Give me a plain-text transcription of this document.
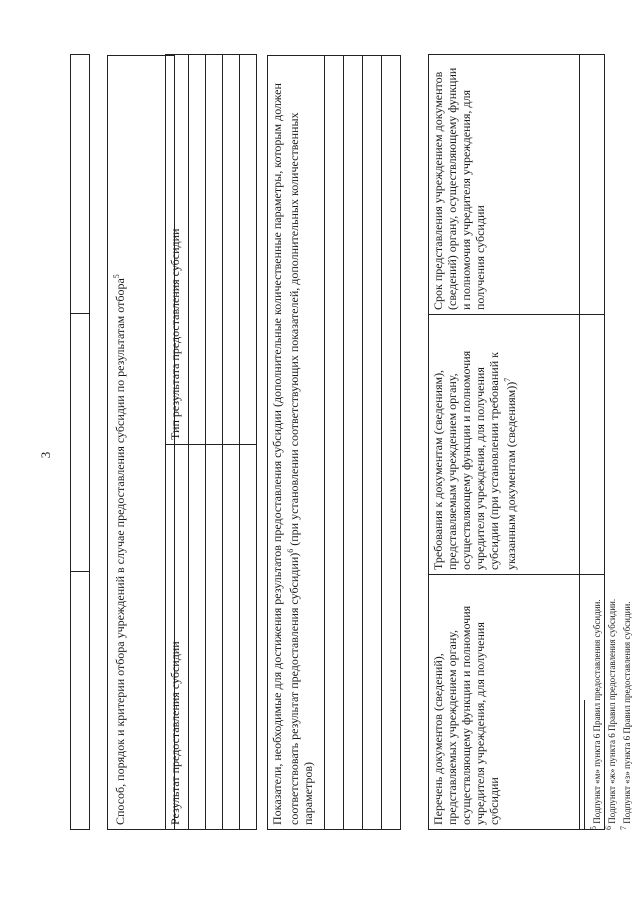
3
			Способ, порядок и критерии отбора учреждений в случае предоставления субсидии по результатам отбора$^5$
Результат предоставления субсидии	Тип результата предоставления субсидии

		Показатели, необходимые для достижения результатов предоставления субсидии (дополнительные количественные параметры, которым должен соответствовать результат предоставления субсидии)$^6$ (при установлении соответствующих показателей, дополнительных количественных параметров)	Перечень документов (сведений), представляемых учреждением органу, осуществляющему функции и полномочия учредителя учреждения, для получения субсидии	Требования к документам (сведениям), представляемым учреждением органу, осуществляющему функции и полномочия учредителя учреждения, для получения субсидии (при установлении требований к указанным документам (сведениям))$^7$	Срок представления учреждением документов (сведений) органу, осуществляющему функции и полномочия учредителя учреждения, для получения субсидии

$^5$ Подпункт «м» пункта 6 Правил предоставления субсидии.
$^6$ Подпункт «ж» пункта 6 Правил предоставления субсидии.
$^7$ Подпункт «з» пункта 6 Правил предоставления субсидии.
